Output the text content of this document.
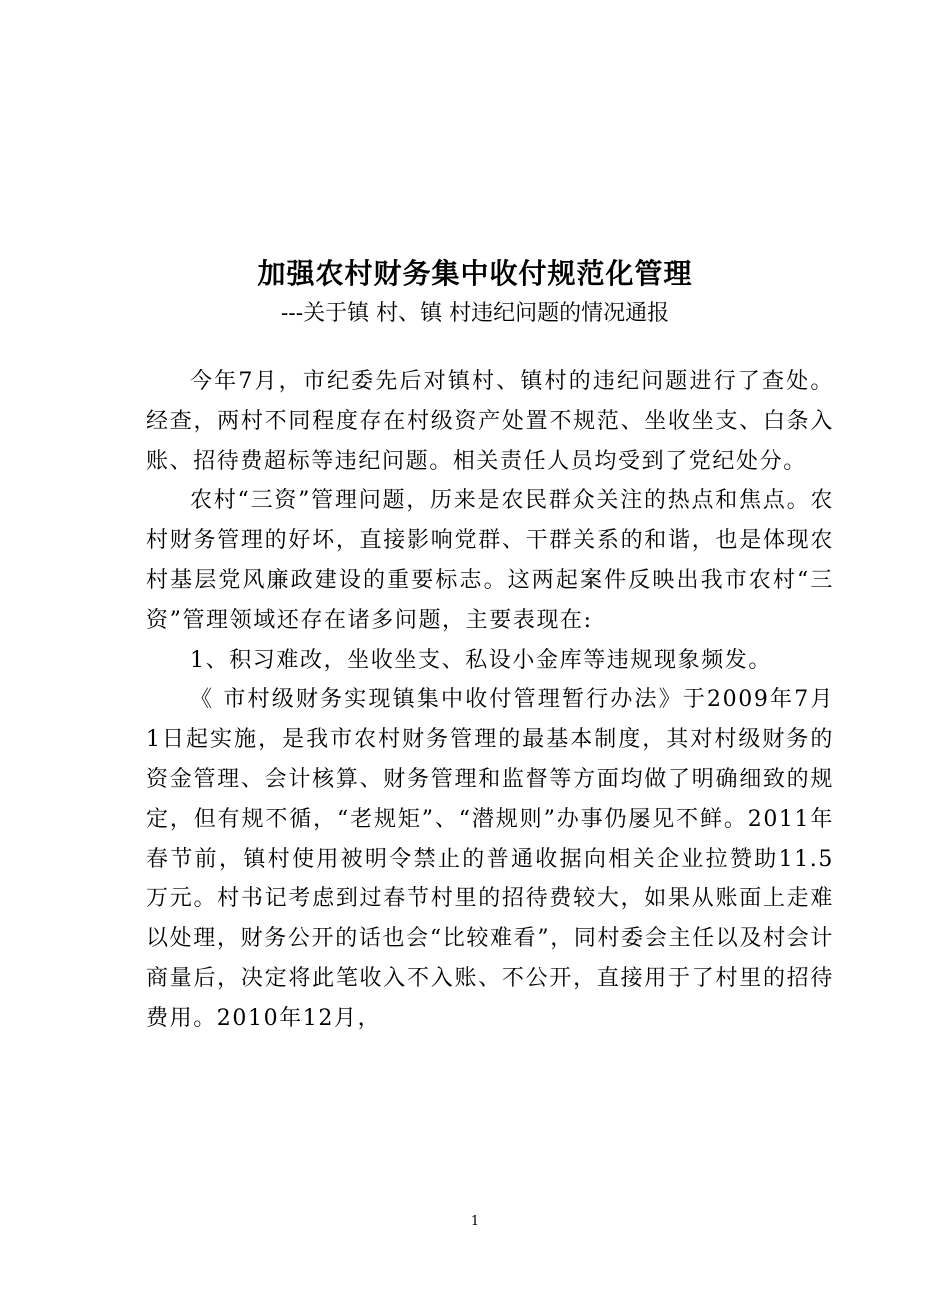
加强农村财务集中收付规范化管理
---关于镇 村、镇 村违纪问题的情况通报

今年7月，市纪委先后对镇村、镇村的违纪问题进行了查处。经查，两村不同程度存在村级资产处置不规范、坐收坐支、白条入账、招待费超标等违纪问题。相关责任人员均受到了党纪处分。

农村“三资”管理问题，历来是农民群众关注的热点和焦点。农村财务管理的好坏，直接影响党群、干群关系的和谐，也是体现农村基层党风廉政建设的重要标志。这两起案件反映出我市农村“三资”管理领域还存在诸多问题，主要表现在:

1、积习难改，坐收坐支、私设小金库等违规现象频发。

《 市村级财务实现镇集中收付管理暂行办法》于2009年7月1日起实施，是我市农村财务管理的最基本制度，其对村级财务的资金管理、会计核算、财务管理和监督等方面均做了明确细致的规定，但有规不循，“老规矩”、“潜规则”办事仍屡见不鲜。2011年春节前，镇村使用被明令禁止的普通收据向相关企业拉赞助11.5万元。村书记考虑到过春节村里的招待费较大，如果从账面上走难以处理，财务公开的话也会“比较难看”，同村委会主任以及村会计商量后，决定将此笔收入不入账、不公开，直接用于了村里的招待费用。2010年12月，

1
